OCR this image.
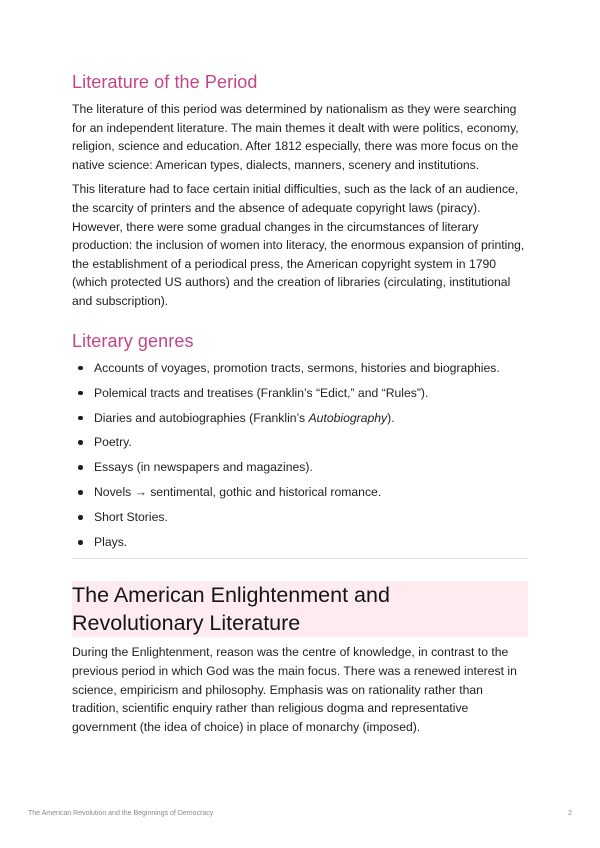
Literature of the Period

The literature of this period was determined by nationalism as they were searching for an independent literature. The main themes it dealt with were politics, economy, religion, science and education. After 1812 especially, there was more focus on the native science: American types, dialects, manners, scenery and institutions.

This literature had to face certain initial difficulties, such as the lack of an audience, the scarcity of printers and the absence of adequate copyright laws (piracy). However, there were some gradual changes in the circumstances of literary production: the inclusion of women into literacy, the enormous expansion of printing, the establishment of a periodical press, the American copyright system in 1790 (which protected US authors) and the creation of libraries (circulating, institutional and subscription).

Literary genres
Accounts of voyages, promotion tracts, sermons, histories and biographies.
Polemical tracts and treatises (Franklin’s “Edict,” and “Rules”).
Diaries and autobiographies (Franklin’s Autobiography).
Poetry.
Essays (in newspapers and magazines).
Novels → sentimental, gothic and historical romance.
Short Stories.
Plays.
The American Enlightenment and
Revolutionary Literature

During the Enlightenment, reason was the centre of knowledge, in contrast to the previous period in which God was the main focus. There was a renewed interest in science, empiricism and philosophy. Emphasis was on rationality rather than tradition, scientific enquiry rather than religious dogma and representative government (the idea of choice) in place of monarchy (imposed).

The American Revolution and the Beginnings of Democracy	2
